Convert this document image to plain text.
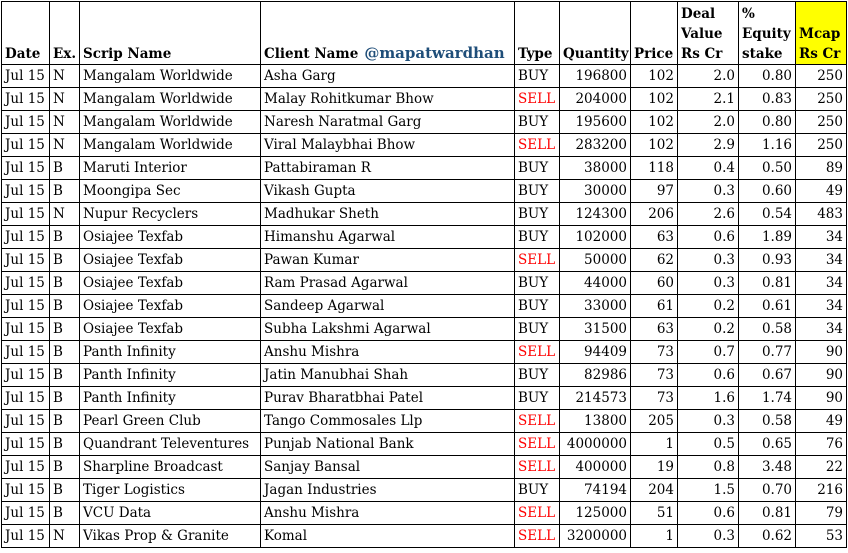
Date	Ex.	Scrip Name	Client Name @mapatwardhan	Type	Quantity	Price	Deal Value Rs Cr	% Equity stake	Mcap Rs Cr
Jul 15	N	Mangalam Worldwide	Asha Garg	BUY	196800	102	2.0	0.80	250
Jul 15	N	Mangalam Worldwide	Malay Rohitkumar Bhow	SELL	204000	102	2.1	0.83	250
Jul 15	N	Mangalam Worldwide	Naresh Naratmal Garg	BUY	195600	102	2.0	0.80	250
Jul 15	N	Mangalam Worldwide	Viral Malaybhai Bhow	SELL	283200	102	2.9	1.16	250
Jul 15	B	Maruti Interior	Pattabiraman R	BUY	38000	118	0.4	0.50	89
Jul 15	B	Moongipa Sec	Vikash Gupta	BUY	30000	97	0.3	0.60	49
Jul 15	N	Nupur Recyclers	Madhukar Sheth	BUY	124300	206	2.6	0.54	483
Jul 15	B	Osiajee Texfab	Himanshu Agarwal	BUY	102000	63	0.6	1.89	34
Jul 15	B	Osiajee Texfab	Pawan Kumar	SELL	50000	62	0.3	0.93	34
Jul 15	B	Osiajee Texfab	Ram Prasad Agarwal	BUY	44000	60	0.3	0.81	34
Jul 15	B	Osiajee Texfab	Sandeep Agarwal	BUY	33000	61	0.2	0.61	34
Jul 15	B	Osiajee Texfab	Subha Lakshmi Agarwal	BUY	31500	63	0.2	0.58	34
Jul 15	B	Panth Infinity	Anshu Mishra	SELL	94409	73	0.7	0.77	90
Jul 15	B	Panth Infinity	Jatin Manubhai Shah	BUY	82986	73	0.6	0.67	90
Jul 15	B	Panth Infinity	Purav Bharatbhai Patel	BUY	214573	73	1.6	1.74	90
Jul 15	B	Pearl Green Club	Tango Commosales Llp	SELL	13800	205	0.3	0.58	49
Jul 15	B	Quandrant Televentures	Punjab National Bank	SELL	4000000	1	0.5	0.65	76
Jul 15	B	Sharpline Broadcast	Sanjay Bansal	SELL	400000	19	0.8	3.48	22
Jul 15	B	Tiger Logistics	Jagan Industries	BUY	74194	204	1.5	0.70	216
Jul 15	B	VCU Data	Anshu Mishra	SELL	125000	51	0.6	0.81	79
Jul 15	N	Vikas Prop & Granite	Komal	SELL	3200000	1	0.3	0.62	53
